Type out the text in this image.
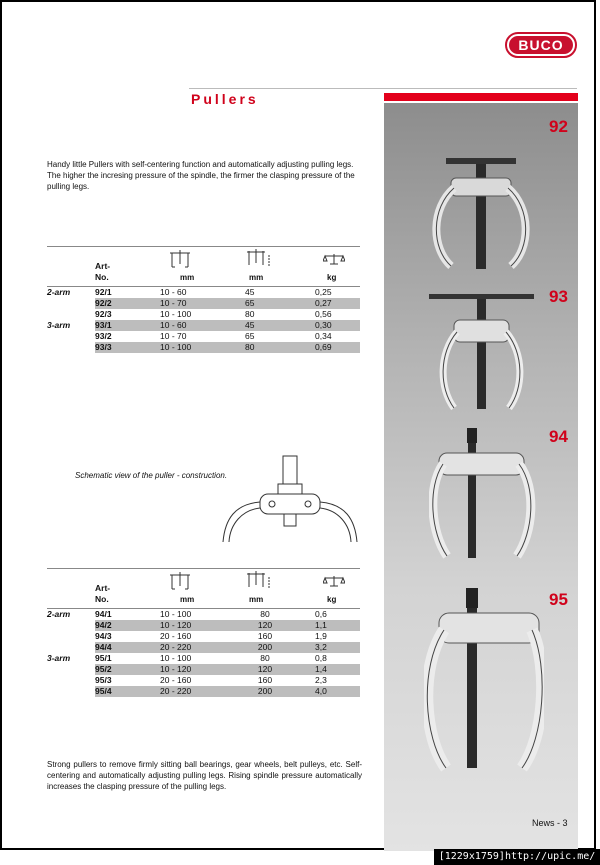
BUCO
Pullers
92
93
94
95
Handy little Pullers with self-centering function and automatically adjusting pulling legs. The higher the incresing pressure of the spindle, the firmer the clasping pressure of the pulling legs.
	Art-			
	No.	mm	mm	kg

2-arm	92/1	10 - 60	45	0,25
	92/2	10 - 70	65	0,27
	92/3	10 - 100	80	0,56
3-arm	93/1	10 - 60	45	0,30
	93/2	10 - 70	65	0,34
	93/3	10 - 100	80	0,69
Schematic view of the puller - construction.
	Art-			
	No.	mm	mm	kg

2-arm	94/1	10 - 100	80	0,6
	94/2	10 - 120	120	1,1
	94/3	20 - 160	160	1,9
	94/4	20 - 220	200	3,2
3-arm	95/1	10 - 100	80	0,8
	95/2	10 - 120	120	1,4
	95/3	20 - 160	160	2,3
	95/4	20 - 220	200	4,0
Strong pullers to remove firmly sitting ball bearings, gear wheels, belt pulleys, etc. Self-centering and automatically adjusting pulling legs. Rising spindle pressure automatically increases the clasping pressure of the pulling legs.
News - 3
[1229x1759]http://upic.me/
